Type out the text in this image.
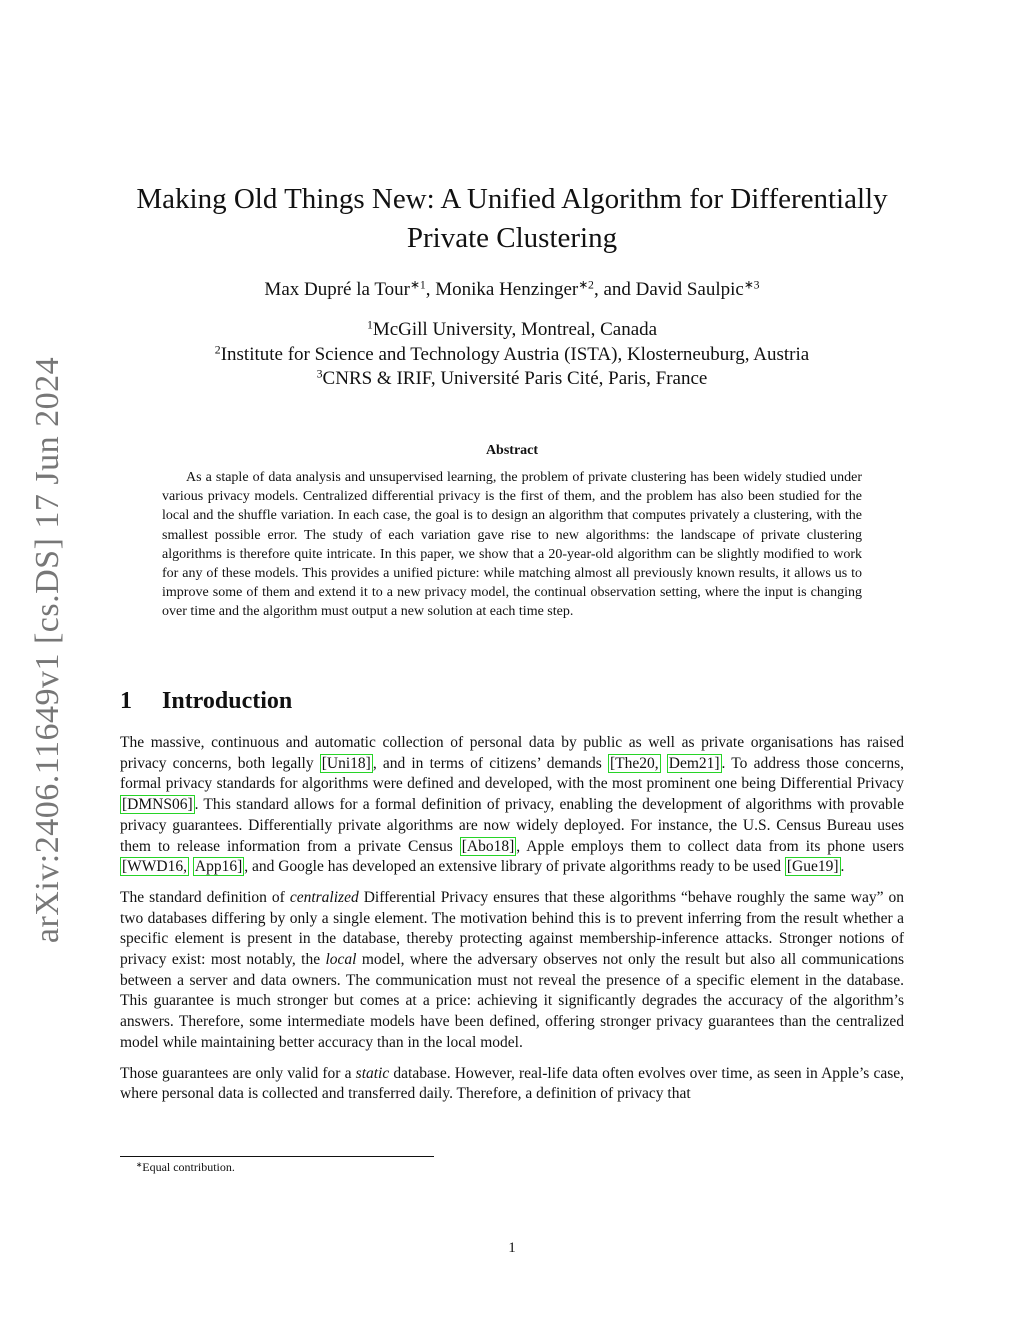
arXiv:2406.11649v1 [cs.DS] 17 Jun 2024
Making Old Things New: A Unified Algorithm for Differentially
Private Clustering

Max Dupré la Tour$^{∗1}$, Monika Henzinger$^{∗2}$, and David Saulpic$^{∗3}$

$^1$McGill University, Montreal, Canada
$^2$Institute for Science and Technology Austria (ISTA), Klosterneuburg, Austria
$^3$CNRS & IRIF, Université Paris Cité, Paris, France
Abstract

As a staple of data analysis and unsupervised learning, the problem of private clustering has been widely studied under various privacy models. Centralized differential privacy is the first of them, and the problem has also been studied for the local and the shuffle variation. In each case, the goal is to design an algorithm that computes privately a clustering, with the smallest possible error. The study of each variation gave rise to new algorithms: the landscape of private clustering algorithms is therefore quite intricate. In this paper, we show that a 20-year-old algorithm can be slightly modified to work for any of these models. This provides a unified picture: while matching almost all previously known results, it allows us to improve some of them and extend it to a new privacy model, the continual observation setting, where the input is changing over time and the algorithm must output a new solution at each time step.

1 Introduction

The massive, continuous and automatic collection of personal data by public as well as private organisations has raised privacy concerns, both legally [Uni18] , and in terms of citizens’ demands [The20, Dem21] . To address those concerns, formal privacy standards for algorithms were defined and developed, with the most prominent one being Differential Privacy [DMNS06] . This standard allows for a formal definition of privacy, enabling the development of algorithms with provable privacy guarantees. Differentially private algorithms are now widely deployed. For instance, the U.S. Census Bureau uses them to release information from a private Census [Abo18] , Apple employs them to collect data from its phone users [WWD16, App16] , and Google has developed an extensive library of private algorithms ready to be used [Gue19] .

The standard definition of centralized Differential Privacy ensures that these algorithms “behave roughly the same way” on two databases differing by only a single element. The motivation behind this is to prevent inferring from the result whether a specific element is present in the database, thereby protecting against membership-inference attacks. Stronger notions of privacy exist: most notably, the local model, where the adversary observes not only the result but also all communications between a server and data owners. The communication must not reveal the presence of a specific element in the database. This guarantee is much stronger but comes at a price: achieving it significantly degrades the accuracy of the algorithm’s answers. Therefore, some intermediate models have been defined, offering stronger privacy guarantees than the centralized model while maintaining better accuracy than in the local model.

Those guarantees are only valid for a static database. However, real-life data often evolves over time, as seen in Apple’s case, where personal data is collected and transferred daily. Therefore, a definition of privacy that

∗Equal contribution.
1
